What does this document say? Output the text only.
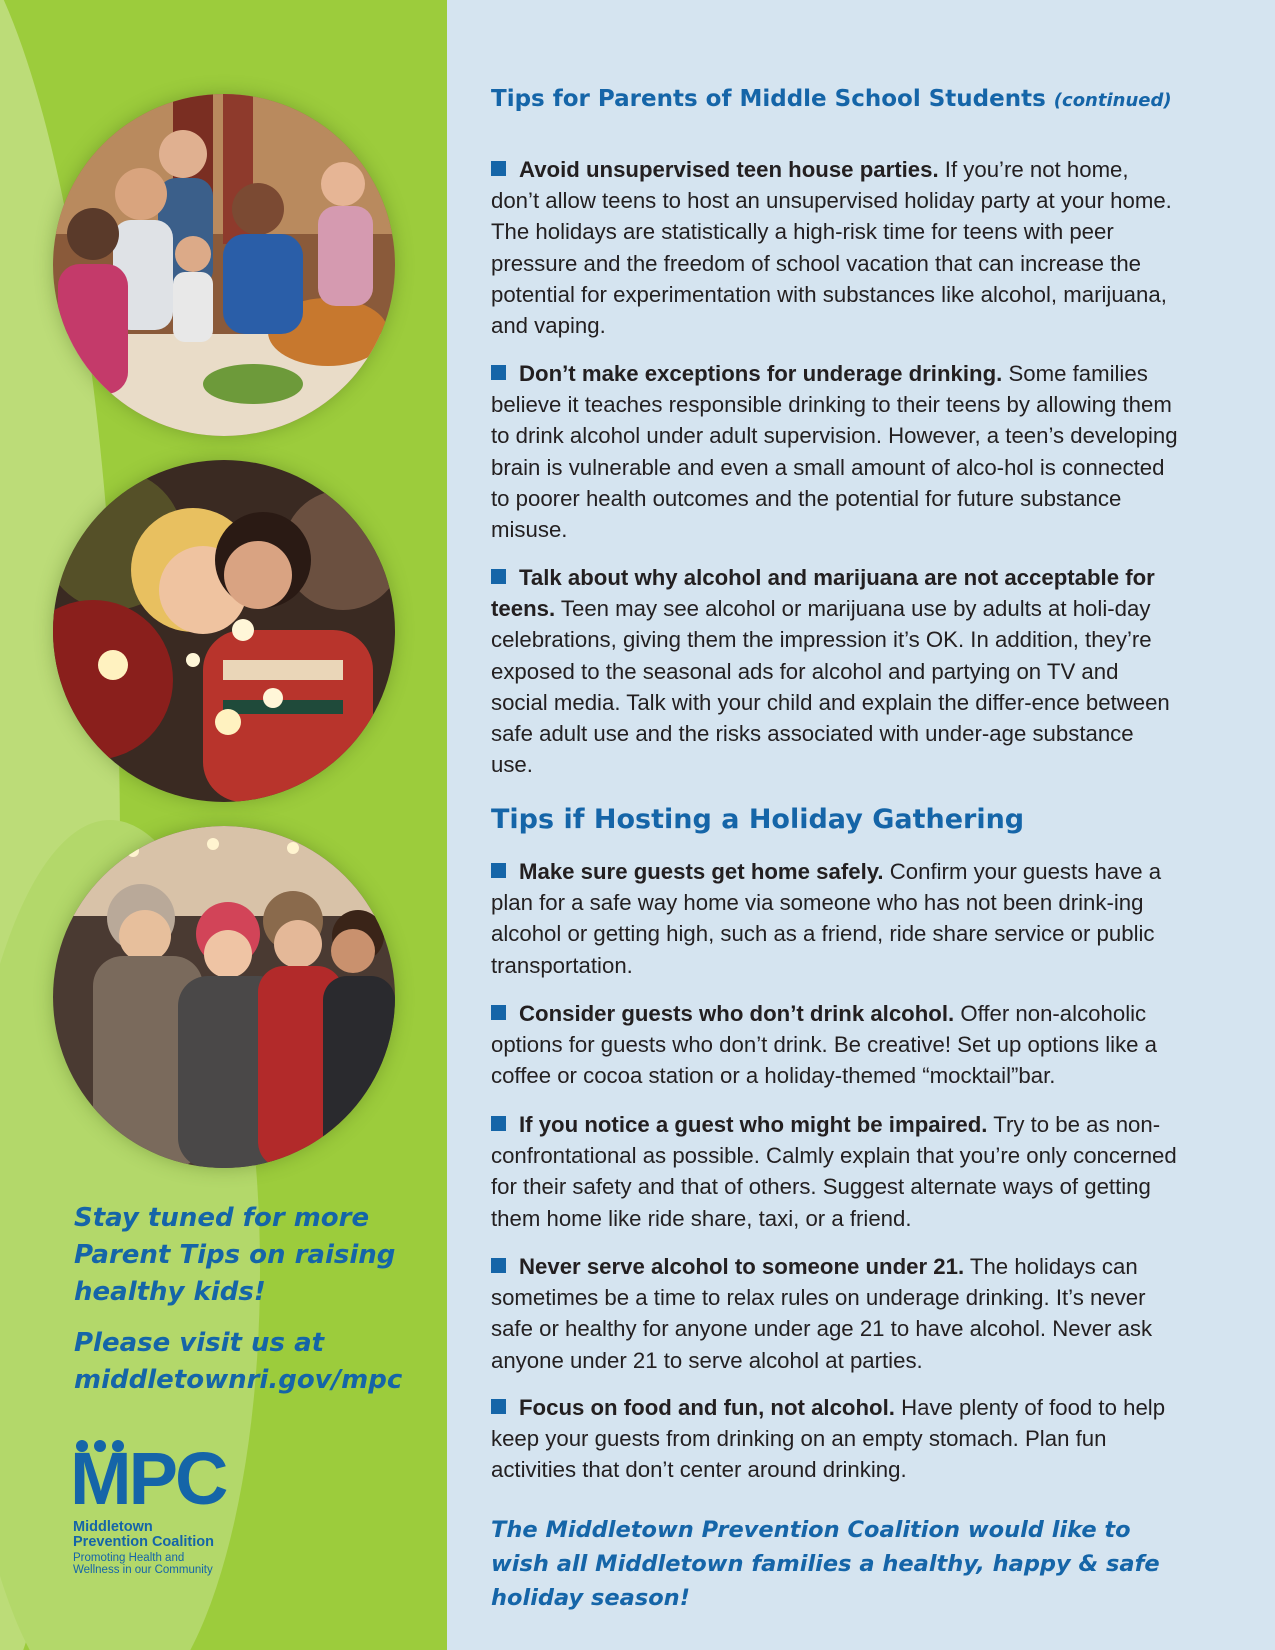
Stay tuned for more Parent Tips on raising healthy kids!
Please visit us at middletownri.gov/mpc
MPC
Middletown
Prevention Coalition
Promoting Health and
Wellness in our Community
Tips for Parents of Middle School Students (continued)
Avoid unsupervised teen house parties. If you’re not home, don’t allow teens to host an unsupervised holiday party at your home. The holidays are statistically a high-risk time for teens with peer pressure and the freedom of school vacation that can increase the potential for experimentation with substances like alcohol, marijuana, and vaping.
Don’t make exceptions for underage drinking. Some families believe it teaches responsible drinking to their teens by allowing them to drink alcohol under adult supervision. However, a teen’s developing brain is vulnerable and even a small amount of alco-hol is connected to poorer health outcomes and the potential for future substance misuse.
Talk about why alcohol and marijuana are not acceptable for teens. Teen may see alcohol or marijuana use by adults at holi-day celebrations, giving them the impression it’s OK. In addition, they’re exposed to the seasonal ads for alcohol and partying on TV and social media. Talk with your child and explain the differ-ence between safe adult use and the risks associated with under-age substance use.
Tips if Hosting a Holiday Gathering
Make sure guests get home safely. Confirm your guests have a plan for a safe way home via someone who has not been drink-ing alcohol or getting high, such as a friend, ride share service or public transportation.
Consider guests who don’t drink alcohol. Offer non-alcoholic options for guests who don’t drink. Be creative! Set up options like a coffee or cocoa station or a holiday-themed “mocktail”bar.
If you notice a guest who might be impaired. Try to be as non-confrontational as possible. Calmly explain that you’re only concerned for their safety and that of others. Suggest alternate ways of getting them home like ride share, taxi, or a friend.
Never serve alcohol to someone under 21. The holidays can sometimes be a time to relax rules on underage drinking. It’s never safe or healthy for anyone under age 21 to have alcohol. Never ask anyone under 21 to serve alcohol at parties.
Focus on food and fun, not alcohol. Have plenty of food to help keep your guests from drinking on an empty stomach. Plan fun activities that don’t center around drinking.
The Middletown Prevention Coalition would like to wish all Middletown families a healthy, happy & safe holiday season!
